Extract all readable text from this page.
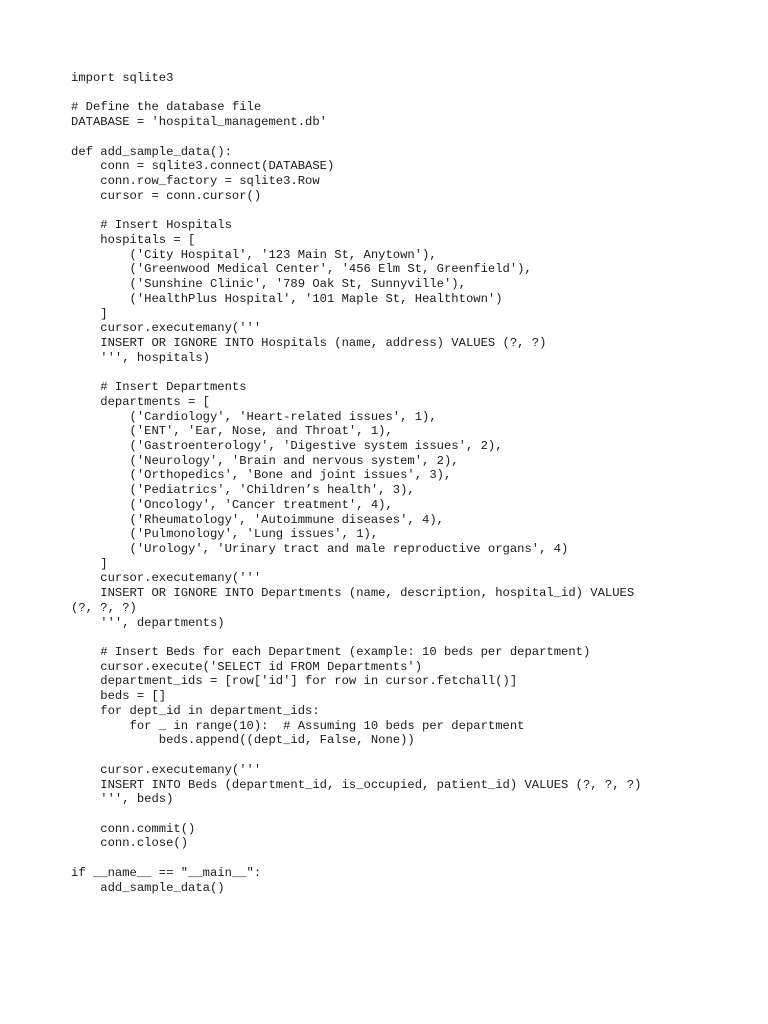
import sqlite3
# Define the database file
DATABASE = 'hospital_management.db'
def add_sample_data():
conn = sqlite3.connect(DATABASE)
conn.row_factory = sqlite3.Row
cursor = conn.cursor()
# Insert Hospitals
hospitals = [
('City Hospital', '123 Main St, Anytown'),
('Greenwood Medical Center', '456 Elm St, Greenfield'),
('Sunshine Clinic', '789 Oak St, Sunnyville'),
('HealthPlus Hospital', '101 Maple St, Healthtown')
]
cursor.executemany('''
INSERT OR IGNORE INTO Hospitals (name, address) VALUES (?, ?)
''', hospitals)
# Insert Departments
departments = [
('Cardiology', 'Heart-related issues', 1),
('ENT', 'Ear, Nose, and Throat', 1),
('Gastroenterology', 'Digestive system issues', 2),
('Neurology', 'Brain and nervous system', 2),
('Orthopedics', 'Bone and joint issues', 3),
('Pediatrics', 'Children’s health', 3),
('Oncology', 'Cancer treatment', 4),
('Rheumatology', 'Autoimmune diseases', 4),
('Pulmonology', 'Lung issues', 1),
('Urology', 'Urinary tract and male reproductive organs', 4)
]
cursor.executemany('''
INSERT OR IGNORE INTO Departments (name, description, hospital_id) VALUES
(?, ?, ?)
''', departments)
# Insert Beds for each Department (example: 10 beds per department)
cursor.execute('SELECT id FROM Departments')
department_ids = [row['id'] for row in cursor.fetchall()]
beds = []
for dept_id in department_ids:
for _ in range(10):  # Assuming 10 beds per department
beds.append((dept_id, False, None))
cursor.executemany('''
INSERT INTO Beds (department_id, is_occupied, patient_id) VALUES (?, ?, ?)
''', beds)
conn.commit()
conn.close()
if __name__ == "__main__":
add_sample_data()
